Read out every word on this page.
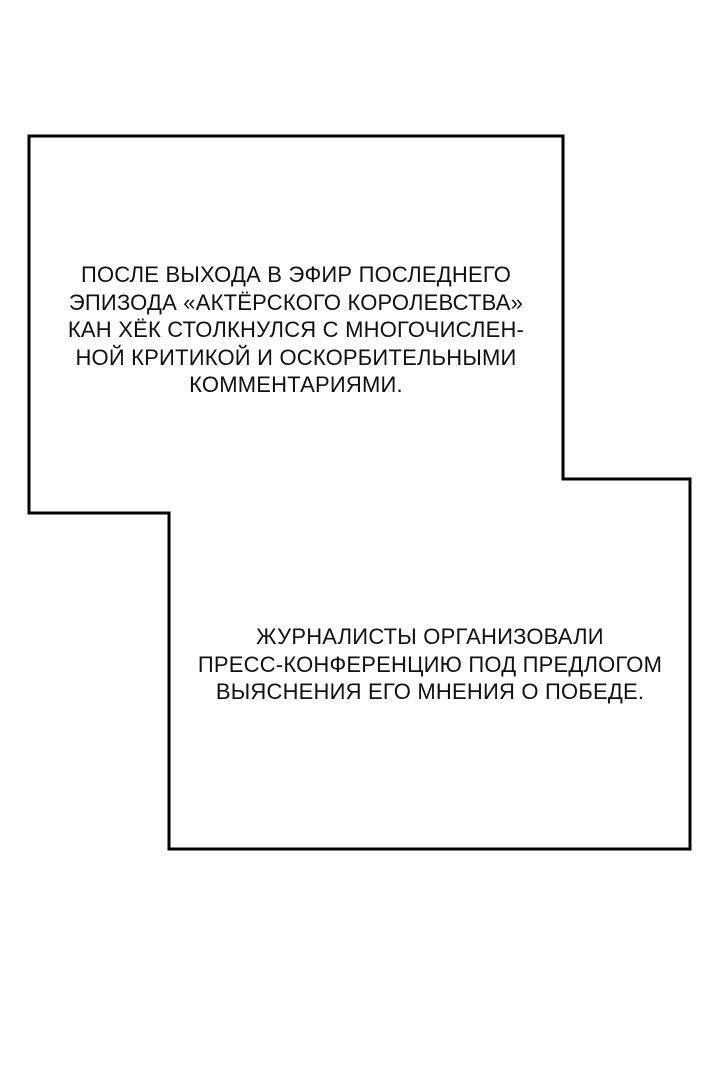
ПОСЛЕ ВЫХОДА В ЭФИР ПОСЛЕДНЕГО
ЭПИЗОДА «АКТЁРСКОГО КОРОЛЕВСТВА»
КАН ХЁК СТОЛКНУЛСЯ С МНОГОЧИСЛЕН-
НОЙ КРИТИКОЙ И ОСКОРБИТЕЛЬНЫМИ
КОММЕНТАРИЯМИ.
ЖУРНАЛИСТЫ ОРГАНИЗОВАЛИ
ПРЕСС-КОНФЕРЕНЦИЮ ПОД ПРЕДЛОГОМ
ВЫЯСНЕНИЯ ЕГО МНЕНИЯ О ПОБЕДЕ.
